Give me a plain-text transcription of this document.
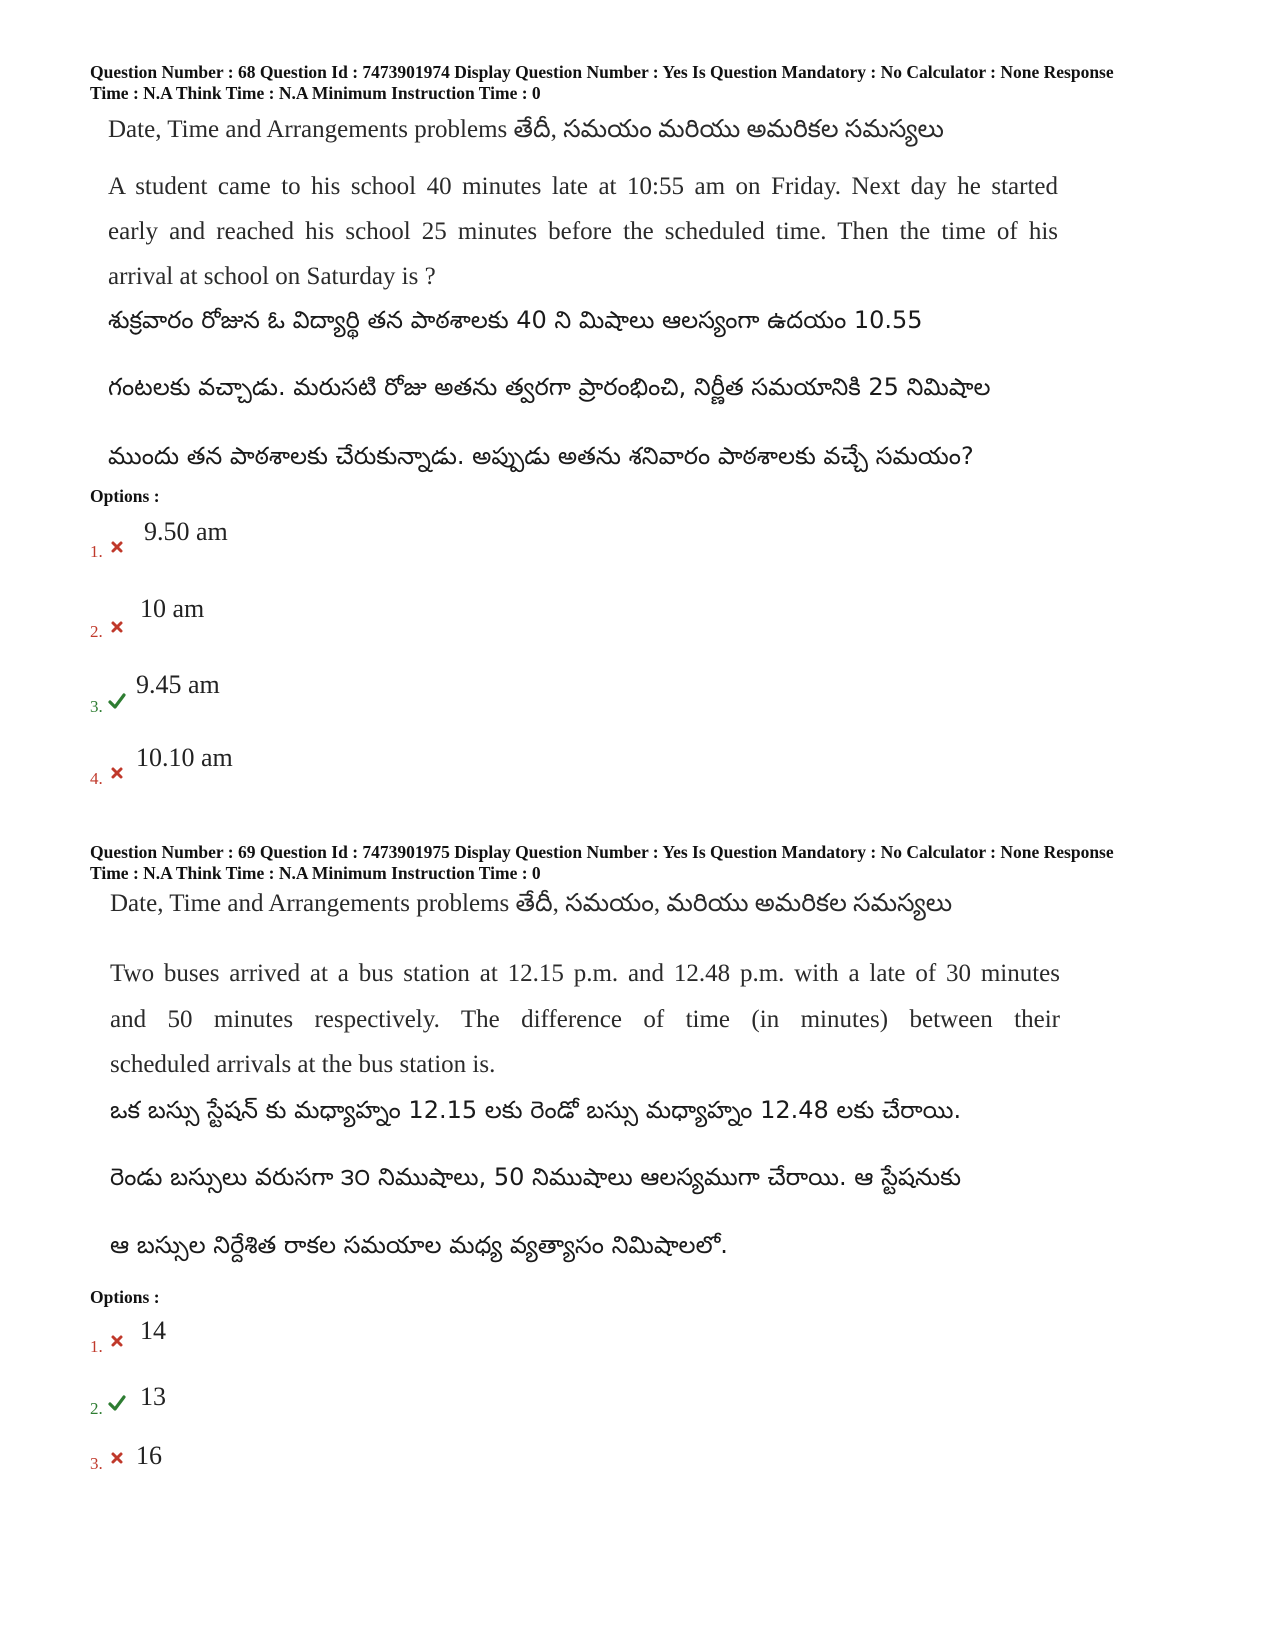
Question Number : 68 Question Id : 7473901974 Display Question Number : Yes Is Question Mandatory : No Calculator : None Response
Time : N.A Think Time : N.A Minimum Instruction Time : 0
Date, Time and Arrangements problems తేదీ, సమయం మరియు అమరికల సమస్యలు
A student came to his school 40 minutes late at 10:55 am on Friday. Next day he started
early and reached his school 25 minutes before the scheduled time. Then the time of his
arrival at school on Saturday is ?
శుక్రవారం రోజున ఓ విద్యార్థి తన పాఠశాలకు 40 ని మిషాలు ఆలస్యంగా ఉదయం 10.55
గంటలకు వచ్చాడు. మరుసటి రోజు అతను త్వరగా ప్రారంభించి, నిర్ణీత సమయానికి 25 నిమిషాల
ముందు తన పాఠశాలకు చేరుకున్నాడు. అప్పుడు అతను శనివారం పాఠశాలకు వచ్చే సమయం?
Options :
1.
9.50 am
2.
10 am
3.
9.45 am
4.
10.10 am
Question Number : 69 Question Id : 7473901975 Display Question Number : Yes Is Question Mandatory : No Calculator : None Response
Time : N.A Think Time : N.A Minimum Instruction Time : 0
Date, Time and Arrangements problems తేదీ, సమయం, మరియు అమరికల సమస్యలు
Two buses arrived at a bus station at 12.15 p.m. and 12.48 p.m. with a late of 30 minutes
and 50 minutes respectively. The difference of time (in minutes) between their
scheduled arrivals at the bus station is.
ఒక బస్సు స్టేషన్ కు మధ్యాహ్నం 12.15 లకు రెండో బస్సు మధ్యాహ్నం 12.48 లకు చేరాయి.
రెండు బస్సులు వరుసగా ౩౦ నిముషాలు, 50 నిముషాలు ఆలస్యముగా చేరాయి. ఆ స్టేషనుకు
ఆ బస్సుల నిర్దేశిత రాకల సమయాల మధ్య వ్యత్యాసం నిమిషాలలో.
Options :
1.
14
2. 13
3. 16
